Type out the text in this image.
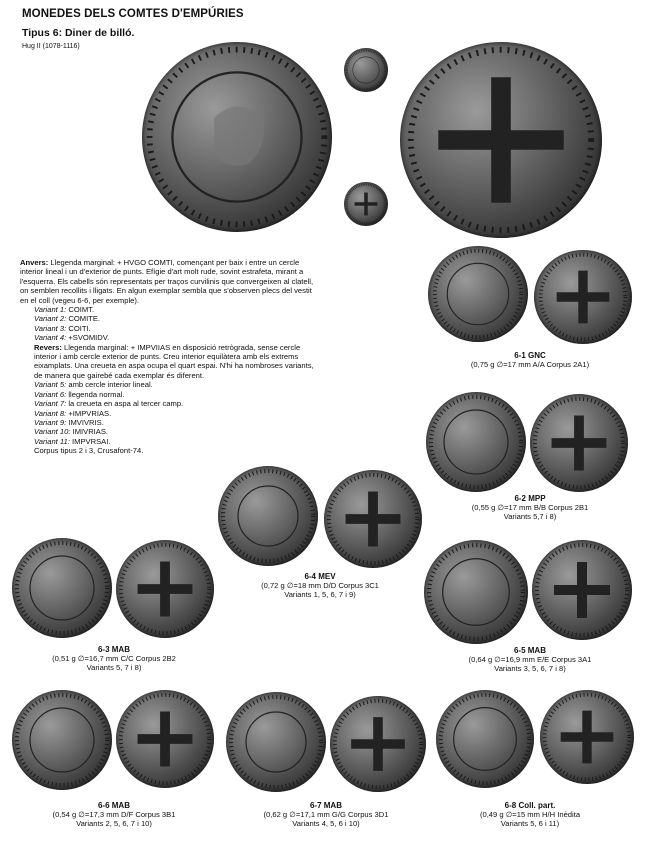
MONEDES DELS COMTES D'EMPÚRIES
Tipus 6: Diner de billó.
Hug II (1078-1116)

Anvers: Llegenda marginal: + HVGO COMTI, començant per baix i entre un cercle interior lineal i un d'exterior de punts. Efígie d'art molt rude, sovint estrafeta, mirant a l'esquerra. Els cabells són representats per traços curvilinis que convergeixen al clatell, on semblen recollits i lligats. En algun exemplar sembla que s'observen plecs del vestit en el coll (vegeu 6-6, per exemple).

Variant 1: COIMT.

Variant 2: COMITE.

Variant 3: COITI.

Variant 4: +SVOMIDV.

Revers: Llegenda marginal: + IMPVIIAS en disposició retrògrada, sense cercle interior i amb cercle exterior de punts. Creu interior equilàtera amb els extrems eixamplats. Una creueta en aspa ocupa el quart espai. N'hi ha nombroses variants, de manera que gairebé cada exemplar és diferent.

Variant 5: amb cercle interior lineal.

Variant 6: llegenda normal.

Variant 7: la creueta en aspa al tercer camp.

Variant 8: +IMPVRIAS.

Variant 9: IMVIVRIS.

Variant 10: IMIVRIAS.

Variant 11: IMPVRSAI.

Corpus tipus 2 i 3, Crusafont-74.

6-1 GNC
(0,75 g ∅=17 mm A/A Corpus 2A1)
6-2 MPP
(0,55 g ∅=17 mm B/B Corpus 2B1
Variants 5,7 i 8)
6-4 MEV
(0,72 g ∅=18 mm D/D Corpus 3C1
Variants 1, 5, 6, 7 i 9)
6-3 MAB
(0,51 g ∅=16,7 mm C/C Corpus 2B2
Variants 5, 7 i 8)
6-5 MAB
(0,64 g ∅=16,9 mm E/E Corpus 3A1
Variants 3, 5, 6, 7 i 8)
6-6 MAB
(0,54 g ∅=17,3 mm D/F Corpus 3B1
Variants 2, 5, 6, 7 i 10)
6-7 MAB
(0,62 g ∅=17,1 mm G/G Corpus 3D1
Variants 4, 5, 6 i 10)
6-8 Coll. part.
(0,49 g ∅=15 mm H/H Inèdita
Variants 5, 6 i 11)
